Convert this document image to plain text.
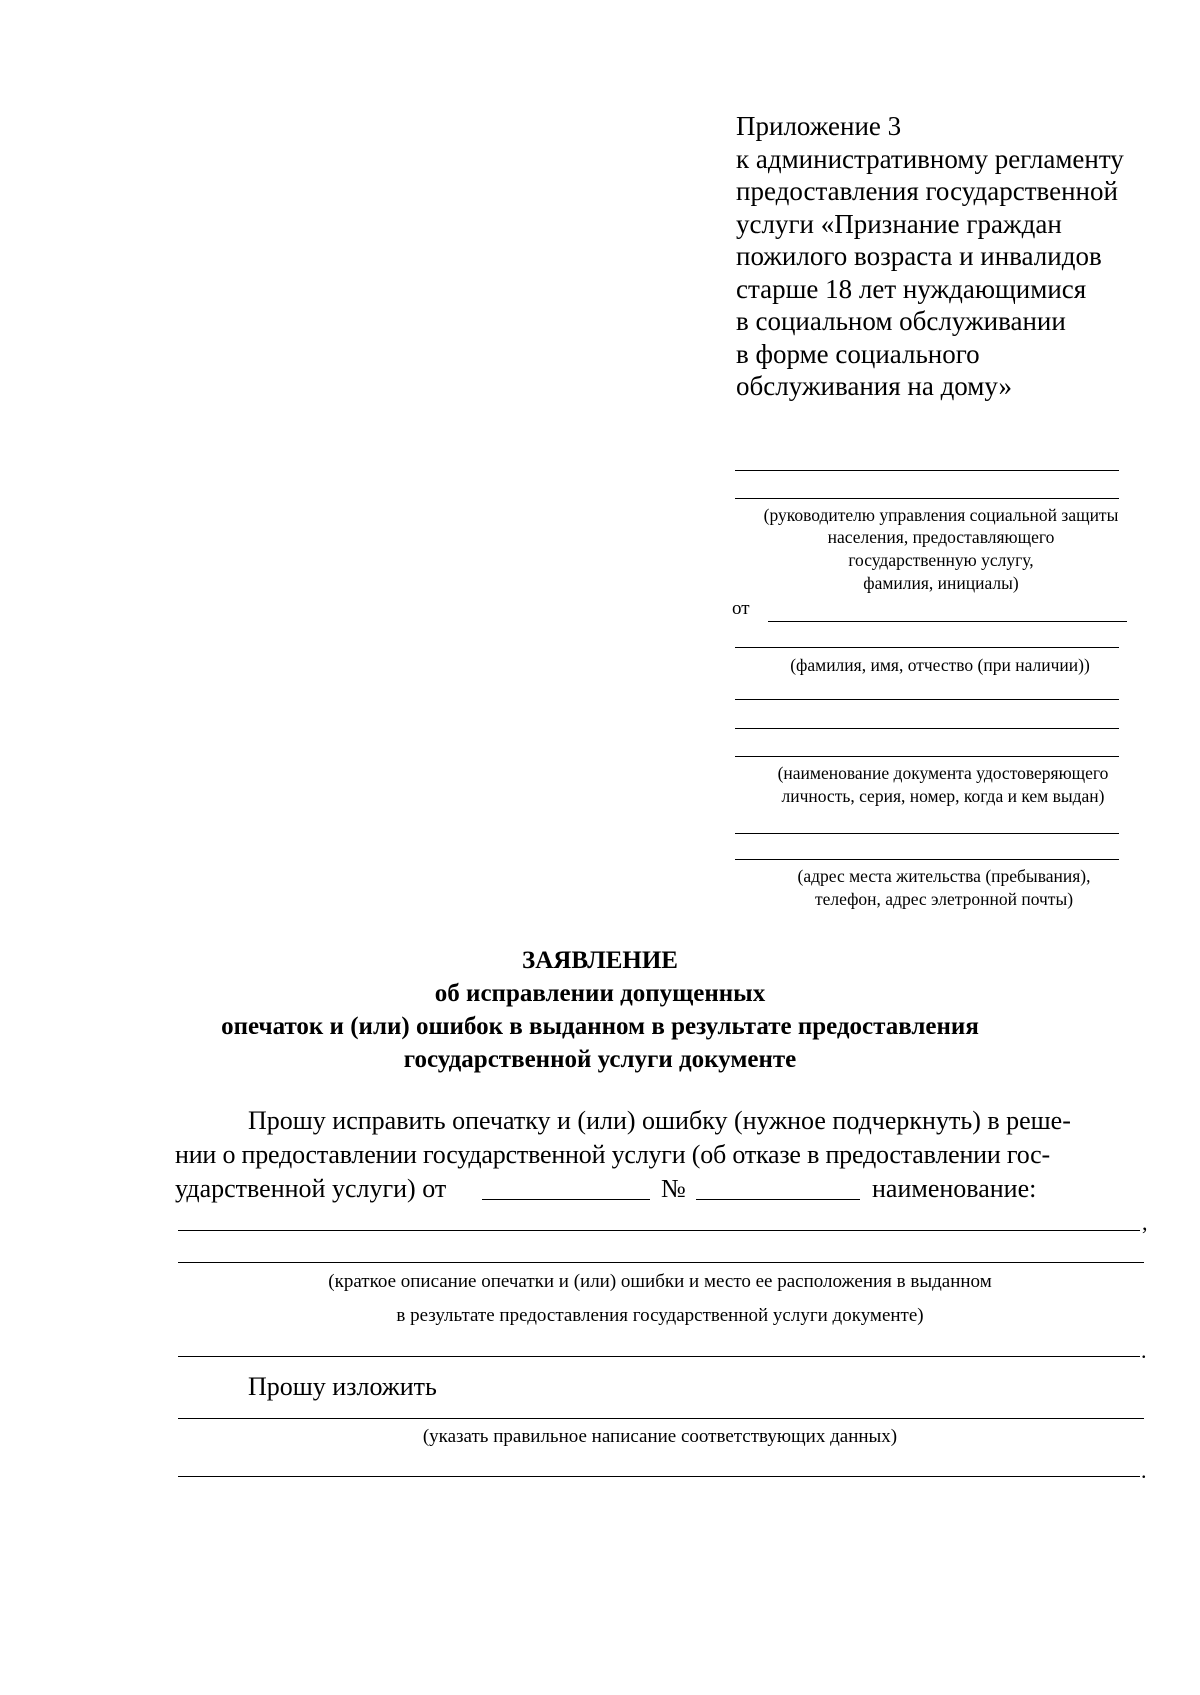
Приложение 3
к административному регламенту
предоставления государственной
услуги «Признание граждан
пожилого возраста и инвалидов
старше 18 лет нуждающимися
в социальном обслуживании
в форме социального
обслуживания на дому»
(руководителю управления социальной защиты
населения, предоставляющего
государственную услугу,
фамилия, инициалы)
от
(фамилия, имя, отчество (при наличии))
(наименование документа удостоверяющего
личность, серия, номер, когда и кем выдан)
(адрес места жительства (пребывания),
телефон, адрес элетронной почты)
ЗАЯВЛЕНИЕ
об исправлении допущенных
опечаток и (или) ошибок в выданном в результате предоставления
государственной услуги документе
Прошу исправить опечатку и (или) ошибку (нужное подчеркнуть) в реше-
нии о предоставлении государственной услуги (об отказе в предоставлении гос-
ударственной услуги) от	№	наименование:
,
(краткое описание опечатки и (или) ошибки и место ее расположения в выданном
в результате предоставления государственной услуги документе)
.
Прошу изложить
(указать правильное написание соответствующих данных)
.
